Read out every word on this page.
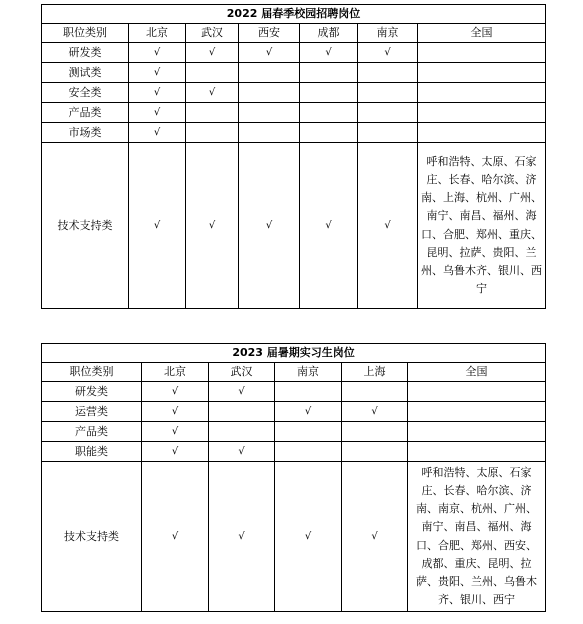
2022 届春季校园招聘岗位						
职位类别	北京	武汉	西安	成都	南京	全国
研发类	√	√	√	√	√	
测试类	√					
安全类	√	√				
产品类	√					
市场类	√					
技术支持类	√	√	√	√	√	呼和浩特、太原、石家庄、长春、哈尔滨、济南、上海、杭州、广州、南宁、南昌、福州、海口、合肥、郑州、重庆、昆明、拉萨、贵阳、兰州、乌鲁木齐、银川、西宁
2023 届暑期实习生岗位					
职位类别	北京	武汉	南京	上海	全国
研发类	√	√			
运营类	√		√	√	
产品类	√				
职能类	√	√			
技术支持类	√	√	√	√	呼和浩特、太原、石家庄、长春、哈尔滨、济南、南京、杭州、广州、南宁、南昌、福州、海口、合肥、郑州、西安、成都、重庆、昆明、拉萨、贵阳、兰州、乌鲁木齐、银川、西宁
